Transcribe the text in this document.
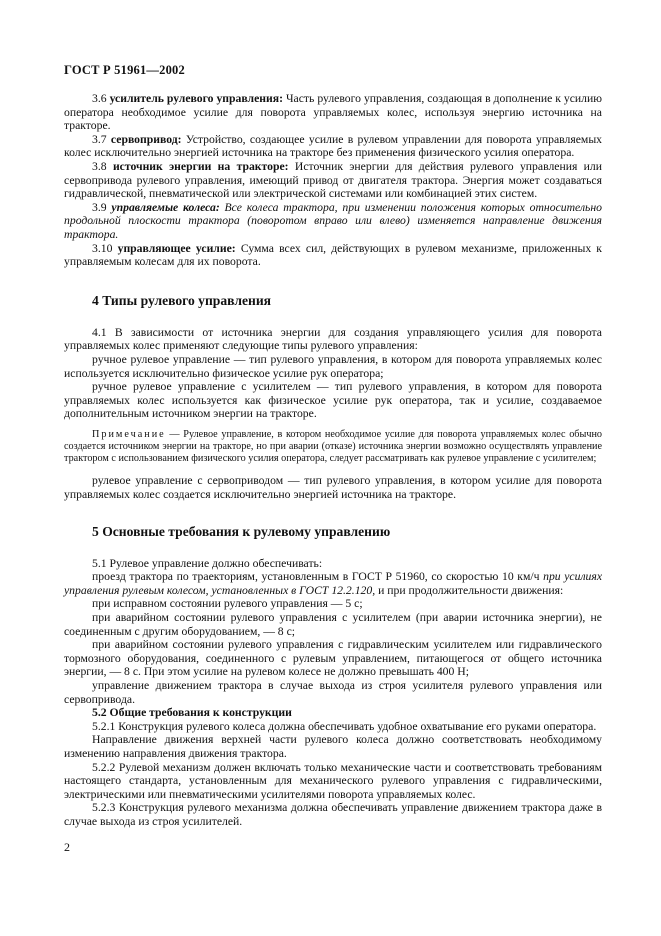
ГОСТ Р 51961—2002

3.6 усилитель рулевого управления: Часть рулевого управления, создающая в дополнение к усилию оператора необходимое усилие для поворота управляемых колес, используя энергию источника на тракторе.

3.7 сервопривод: Устройство, создающее усилие в рулевом управлении для поворота управляемых колес исключительно энергией источника на тракторе без применения физического усилия оператора.

3.8 источник энергии на тракторе: Источник энергии для действия рулевого управления или сервопривода рулевого управления, имеющий привод от двигателя трактора. Энергия может создаваться гидравлической, пневматической или электрической системами или комбинацией этих систем.

3.9 управляемые колеса: Все колеса трактора, при изменении положения которых относительно продольной плоскости трактора (поворотом вправо или влево) изменяется направление движения трактора.

3.10 управляющее усилие: Сумма всех сил, действующих в рулевом механизме, приложенных к управляемым колесам для их поворота.

4 Типы рулевого управления

4.1 В зависимости от источника энергии для создания управляющего усилия для поворота управляемых колес применяют следующие типы рулевого управления:

ручное рулевое управление — тип рулевого управления, в котором для поворота управляемых колес используется исключительно физическое усилие рук оператора;

ручное рулевое управление с усилителем — тип рулевого управления, в котором для поворота управляемых колес используется как физическое усилие рук оператора, так и усилие, создаваемое дополнительным источником энергии на тракторе.

Примечание — Рулевое управление, в котором необходимое усилие для поворота управляемых колес обычно создается источником энергии на тракторе, но при аварии (отказе) источника энергии возможно осуществлять управление трактором с использованием физического усилия оператора, следует рассматривать как рулевое управление с усилителем;

рулевое управление с сервоприводом — тип рулевого управления, в котором усилие для поворота управляемых колес создается исключительно энергией источника на тракторе.

5 Основные требования к рулевому управлению

5.1 Рулевое управление должно обеспечивать:

проезд трактора по траекториям, установленным в ГОСТ Р 51960, со скоростью 10 км/ч при усилиях управления рулевым колесом, установленных в ГОСТ 12.2.120, и при продолжительности движения:

при исправном состоянии рулевого управления — 5 с;

при аварийном состоянии рулевого управления с усилителем (при аварии источника энергии), не соединенным с другим оборудованием, — 8 с;

при аварийном состоянии рулевого управления с гидравлическим усилителем или гидравлического тормозного оборудования, соединенного с рулевым управлением, питающегося от общего источника энергии, — 8 с. При этом усилие на рулевом колесе не должно превышать 400 Н;

управление движением трактора в случае выхода из строя усилителя рулевого управления или сервопривода.

5.2 Общие требования к конструкции

5.2.1 Конструкция рулевого колеса должна обеспечивать удобное охватывание его руками оператора.

Направление движения верхней части рулевого колеса должно соответствовать необходимому изменению направления движения трактора.

5.2.2 Рулевой механизм должен включать только механические части и соответствовать требованиям настоящего стандарта, установленным для механического рулевого управления с гидравлическими, электрическими или пневматическими усилителями поворота управляемых колес.

5.2.3 Конструкция рулевого механизма должна обеспечивать управление движением трактора даже в случае выхода из строя усилителей.

2
